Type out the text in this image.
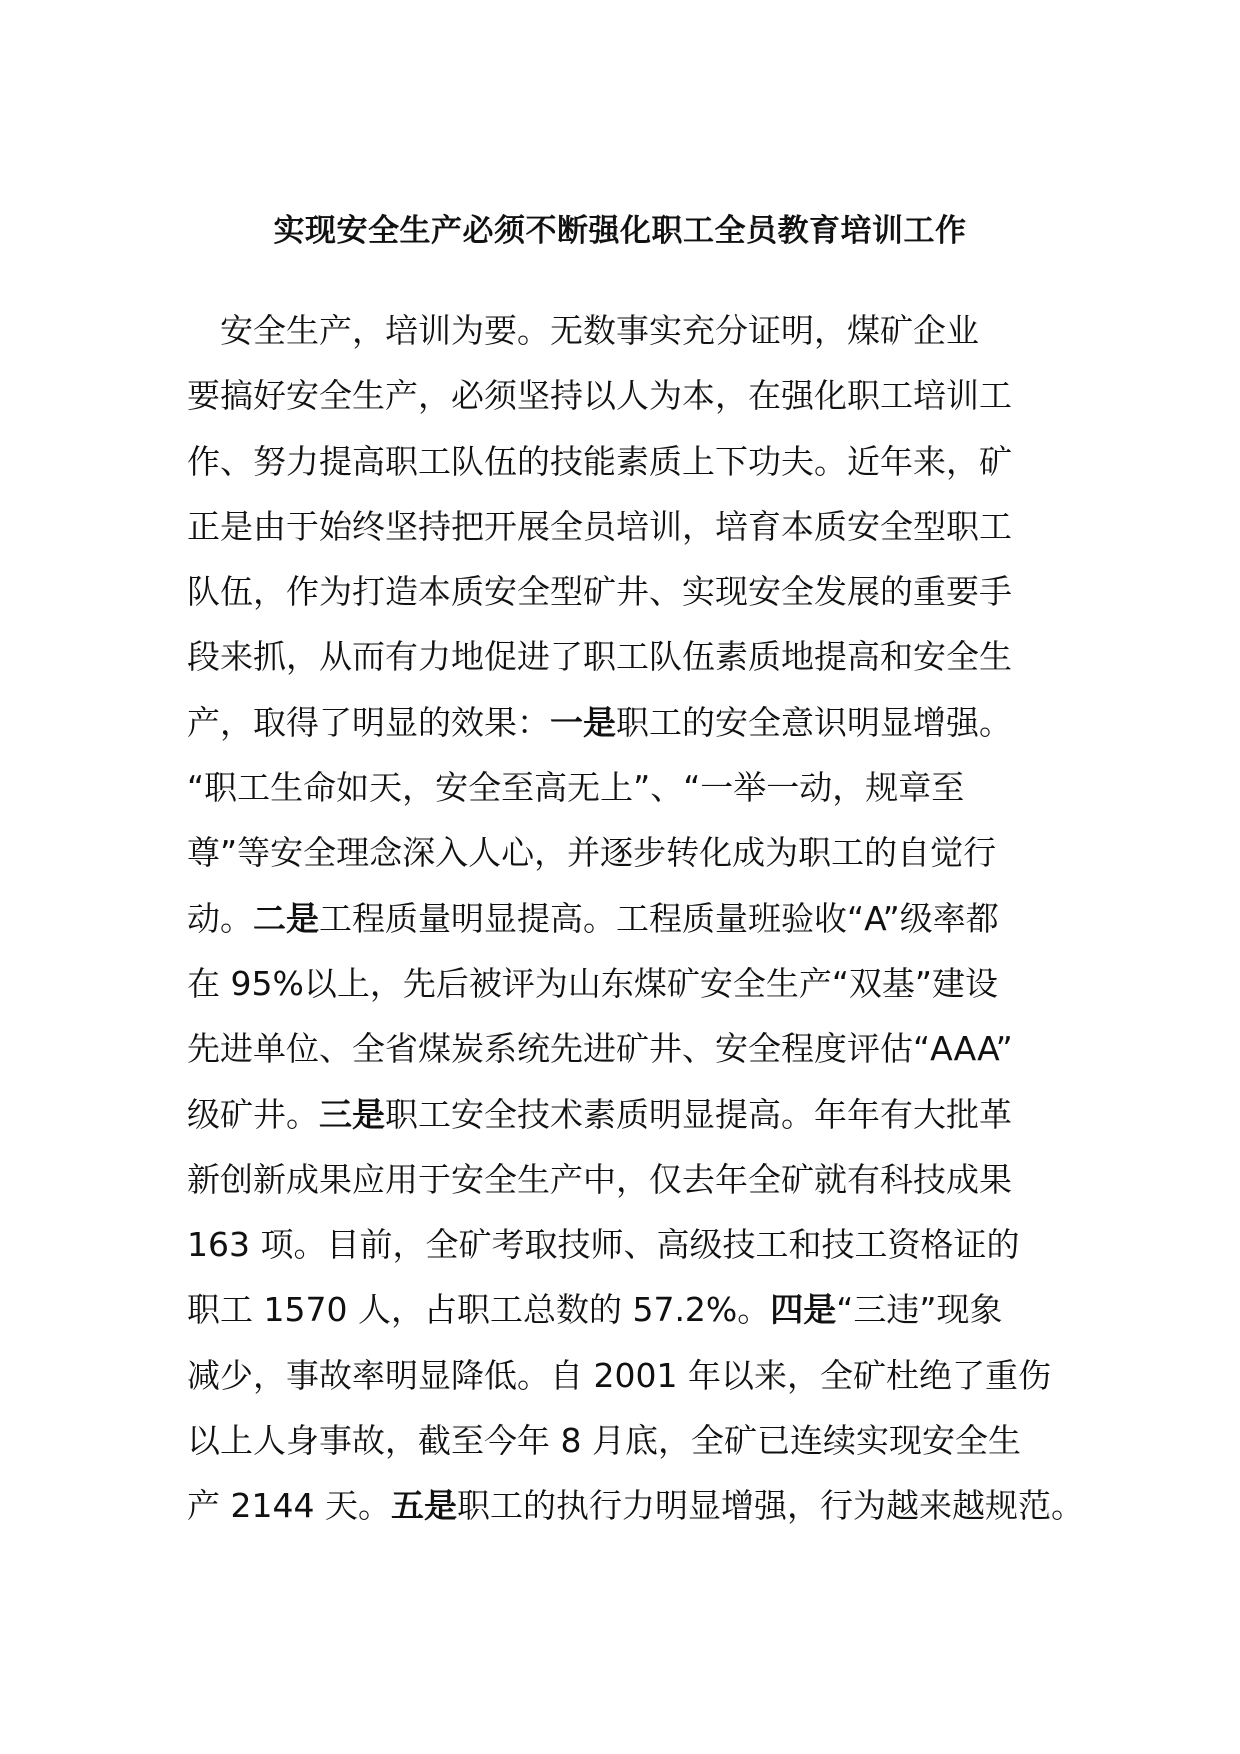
实现安全生产必须不断强化职工全员教育培训工作
　安全生产，培训为要。无数事实充分证明，煤矿企业
要搞好安全生产，必须坚持以人为本，在强化职工培训工
作、努力提高职工队伍的技能素质上下功夫。近年来，矿
正是由于始终坚持把开展全员培训，培育本质安全型职工
队伍，作为打造本质安全型矿井、实现安全发展的重要手
段来抓，从而有力地促进了职工队伍素质地提高和安全生
产，取得了明显的效果：一是职工的安全意识明显增强。
“职工生命如天，安全至高无上”、“一举一动，规章至
尊”等安全理念深入人心，并逐步转化成为职工的自觉行
动。二是工程质量明显提高。工程质量班验收“A”级率都
在 95%以上，先后被评为山东煤矿安全生产“双基”建设
先进单位、全省煤炭系统先进矿井、安全程度评估“AAA”
级矿井。三是职工安全技术素质明显提高。年年有大批革
新创新成果应用于安全生产中，仅去年全矿就有科技成果
163 项。目前，全矿考取技师、高级技工和技工资格证的
职工 1570 人，占职工总数的 57.2%。四是“三违”现象
减少，事故率明显降低。自 2001 年以来，全矿杜绝了重伤
以上人身事故，截至今年 8 月底，全矿已连续实现安全生
产 2144 天。五是职工的执行力明显增强，行为越来越规范。
